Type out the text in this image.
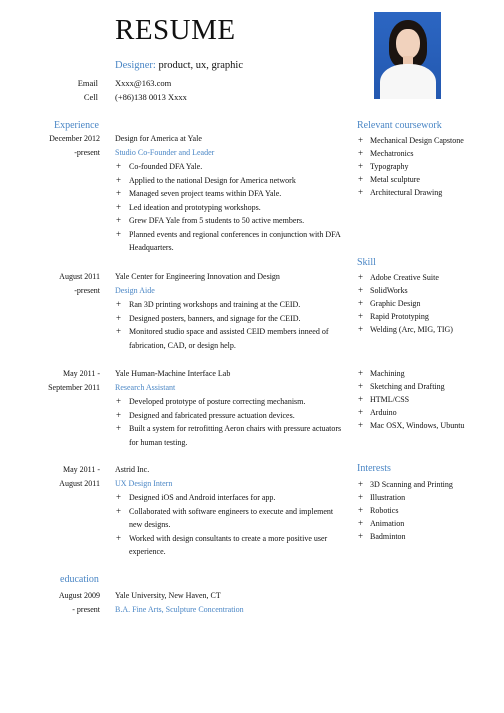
RESUME
Designer: product, ux, graphic
Email Xxxx@163.com
Cell (+86)138 0013 Xxxx
Experience
December 2012
-present
Design for America at Yale
Studio Co-Founder and Leader
+ Co-founded DFA Yale.
+ Applied to the national Design for America network
+ Managed seven project teams within DFA Yale.
+ Led ideation and prototyping workshops.
+ Grew DFA Yale from 5 students to 50 active members.
+ Planned events and regional conferences in conjunction with DFA Headquarters.
August 2011
-present
Yale Center for Engineering Innovation and Design
Design Aide
+ Ran 3D printing workshops and training at the CEID.
+ Designed posters, banners, and signage for the CEID.
+ Monitored studio space and assisted CEID members inneed of fabrication, CAD, or design help.
May 2011 -
September 2011
Yale Human-Machine Interface Lab
Research Assistant
+ Developed prototype of posture correcting mechanism.
+ Designed and fabricated pressure actuation devices.
+ Built a system for retrofitting Aeron chairs with pressure actuators for human testing.
May 2011 -
August 2011
Astrid Inc.
UX Design Intern
+ Designed iOS and Android interfaces for app.
+ Collaborated with software engineers to execute and implement new designs.
+ Worked with design consultants to create a more positive user experience.
education
August 2009
- present
Yale University, New Haven, CT
B.A. Fine Arts, Sculpture Concentration
Relevant coursework
+ Mechanical Design Capstone
+ Mechatronics
+ Typography
+ Metal sculpture
+ Architectural Drawing
Skill
+ Adobe Creative Suite
+ SolidWorks
+ Graphic Design
+ Rapid Prototyping
+ Welding (Arc, MIG, TIG)
+ Machining
+ Sketching and Drafting
+ HTML/CSS
+ Arduino
+ Mac OSX, Windows, Ubuntu
Interests
+ 3D Scanning and Printing
+ Illustration
+ Robotics
+ Animation
+ Badminton
